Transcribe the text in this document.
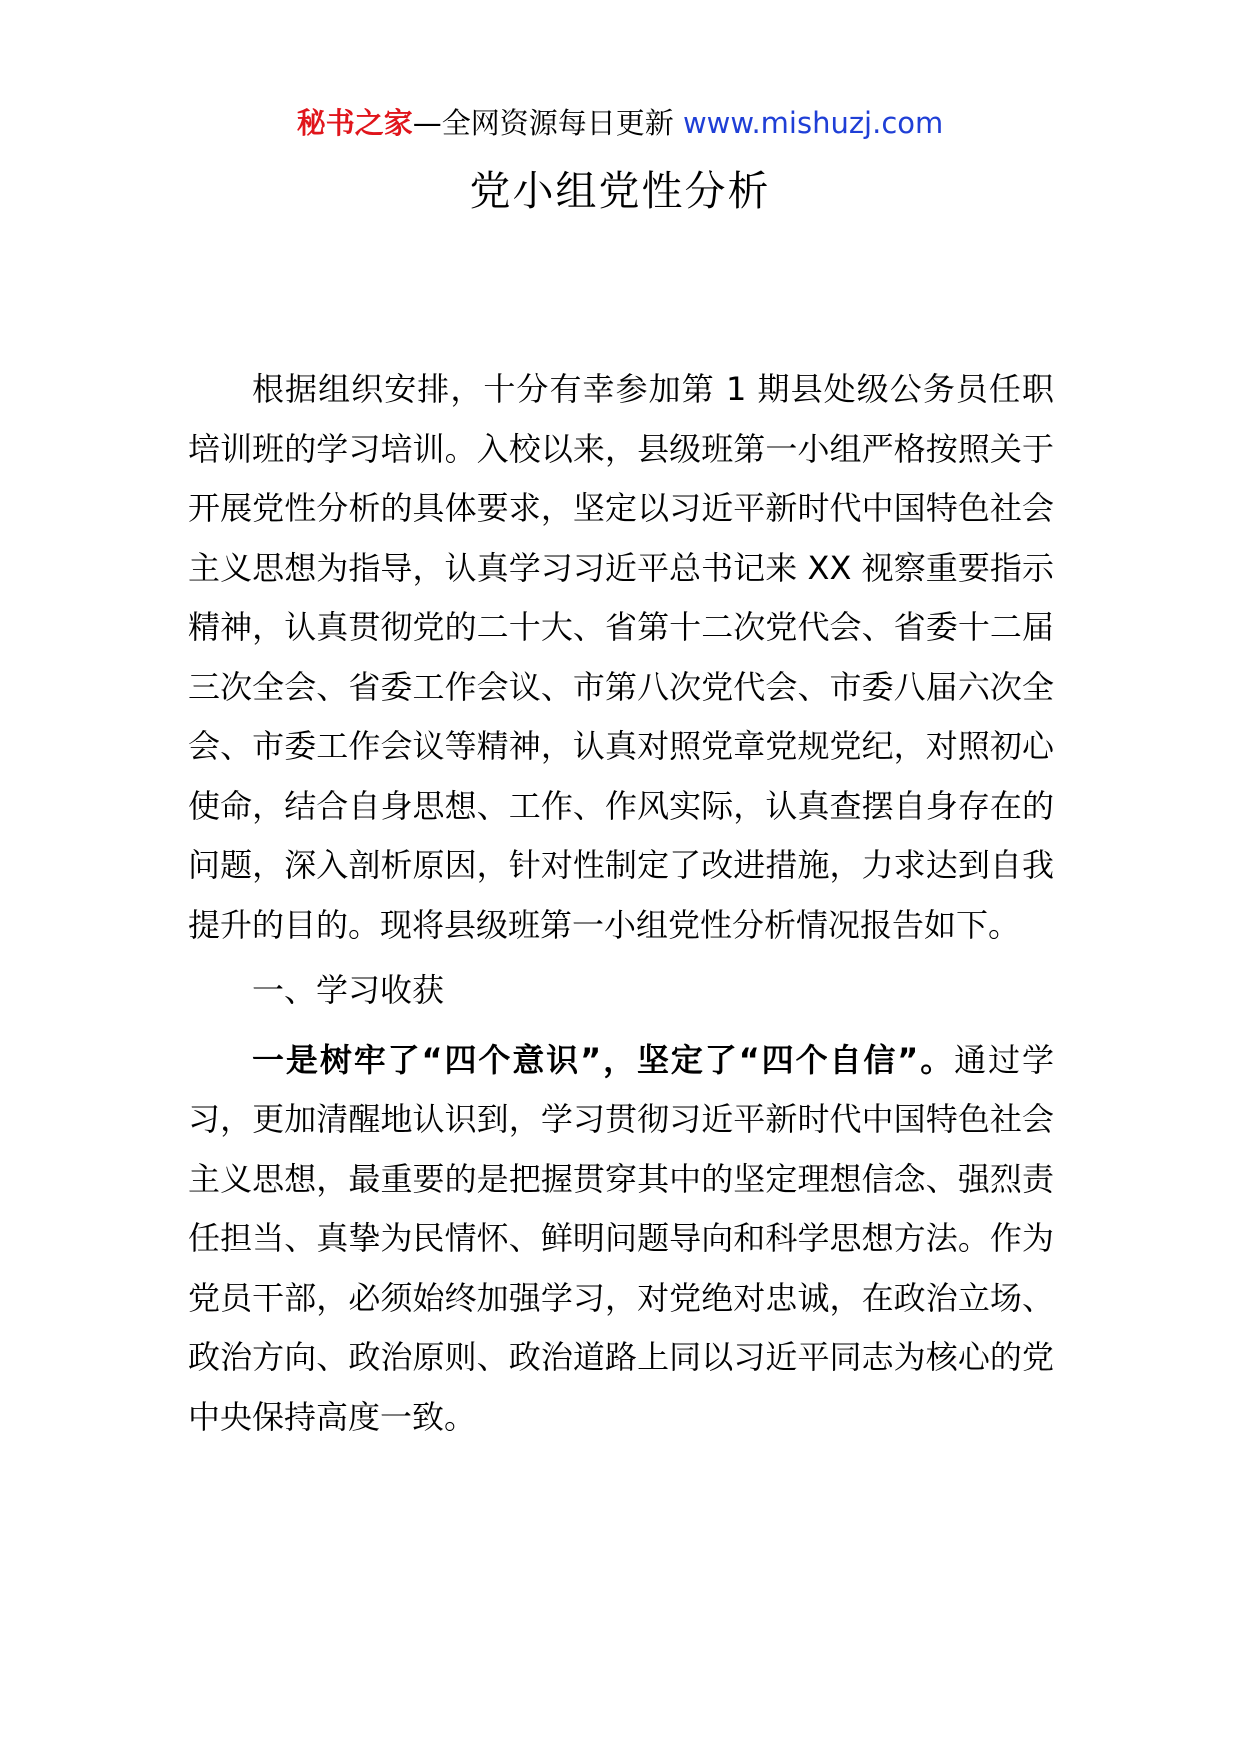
秘书之家—全网资源每日更新 www.mishuzj.com
党小组党性分析

根据组织安排，十分有幸参加第 1 期县处级公务员任职培训班的学习培训。入校以来，县级班第一小组严格按照关于开展党性分析的具体要求，坚定以习近平新时代中国特色社会主义思想为指导，认真学习习近平总书记来 XX 视察重要指示精神，认真贯彻党的二十大、省第十二次党代会、省委十二届三次全会、省委工作会议、市第八次党代会、市委八届六次全会、市委工作会议等精神，认真对照党章党规党纪，对照初心使命，结合自身思想、工作、作风实际，认真查摆自身存在的问题，深入剖析原因，针对性制定了改进措施，力求达到自我提升的目的。现将县级班第一小组党性分析情况报告如下。

一、学习收获

一是树牢了“四个意识”，坚定了“四个自信”。通过学习，更加清醒地认识到，学习贯彻习近平新时代中国特色社会主义思想，最重要的是把握贯穿其中的坚定理想信念、强烈责任担当、真挚为民情怀、鲜明问题导向和科学思想方法。作为党员干部，必须始终加强学习，对党绝对忠诚，在政治立场、政治方向、政治原则、政治道路上同以习近平同志为核心的党中央保持高度一致。
